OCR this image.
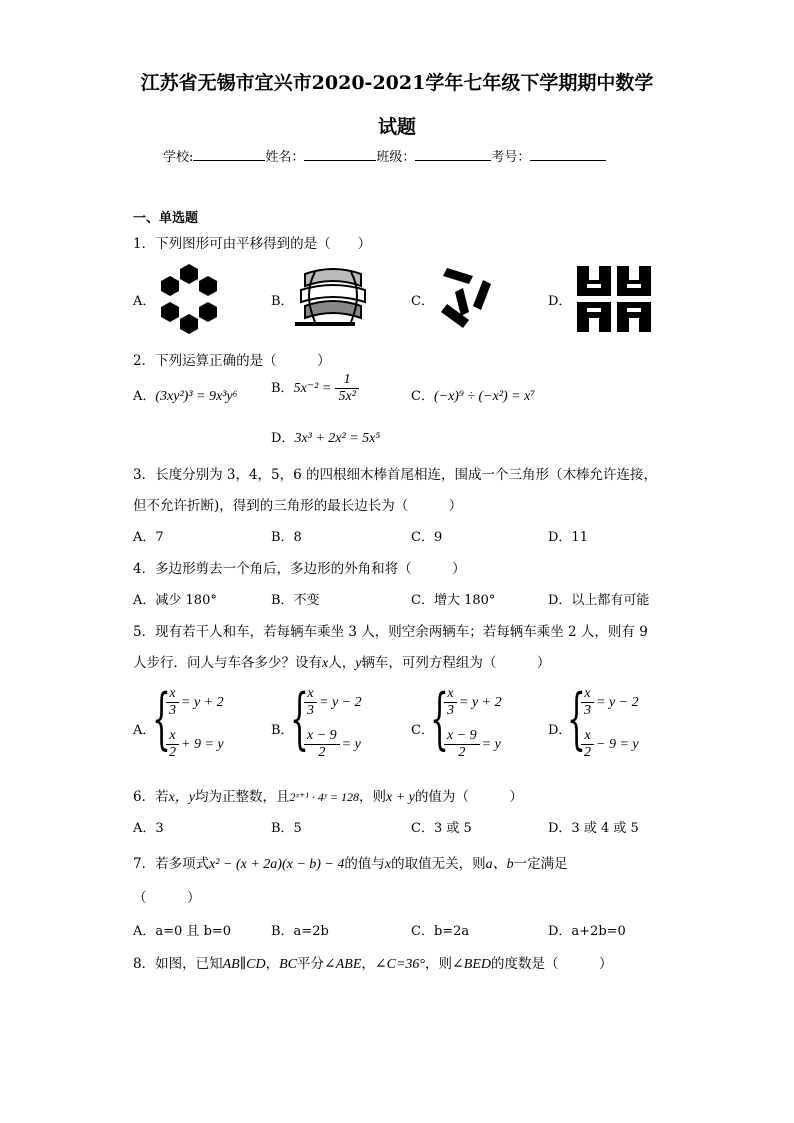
江苏省无锡市宜兴市2020-2021学年七年级下学期期中数学
试题
学校:	姓名：	班级：	考号：
一、单选题
1．下列图形可由平移得到的是（　　）
A．	B．	C．	D．
2．下列运算正确的是（　　　）
A．(3xy²)³ = 9x³y⁶
B．$5x^{-2} = \frac{1}{\text{5x²}}$	C．(−x)⁹ ÷ (−x²) = x⁷
D．3x³ + 2x² = 5x⁵
3．长度分别为 3，4，5，6 的四根细木棒首尾相连，围成一个三角形（木棒允许连接，
但不允许折断)，得到的三角形的最长边长为（　　　）
A．7	B．8	C．9	D．11
4．多边形剪去一个角后，多边形的外角和将（　　　）
A．减少 180°	B．不变	C．增大 180°	D．以上都有可能
5．现有若干人和车，若每辆车乘坐 3 人，则空余两辆车；若每辆车乘坐 2 人，则有 9
人步行．问人与车各多少？设有x人，y辆车，可列方程组为（　　　）
A．
{
$\frac{x}{3} = y + 2$
$\frac{x}{2} + 9 = y$
B．
{
$\frac{x}{3} = y - 2$
$\frac{x - 9}{2} = y$
C．
{
$\frac{x}{3} = y + 2$
$\frac{x - 9}{2} = y$
D．
{
$\frac{x}{3} = y - 2$
$\frac{x}{2} - 9 = y$
6．若x，y均为正整数，且2ˣ⁺¹ · 4ʸ = 128，则x + y的值为（　　　）
A．3	B．5	C．3 或 5	D．3 或 4 或 5
7．若多项式x² − (x + 2a)(x − b) − 4的值与x的取值无关，则a、b一定满足
（　　　）
A．a=0 且 b=0	B．a=2b	C．b=2a	D．a+2b=0
8．如图，已知AB∥CD，BC平分∠ABE，∠C=36°，则∠BED的度数是（　　　）
